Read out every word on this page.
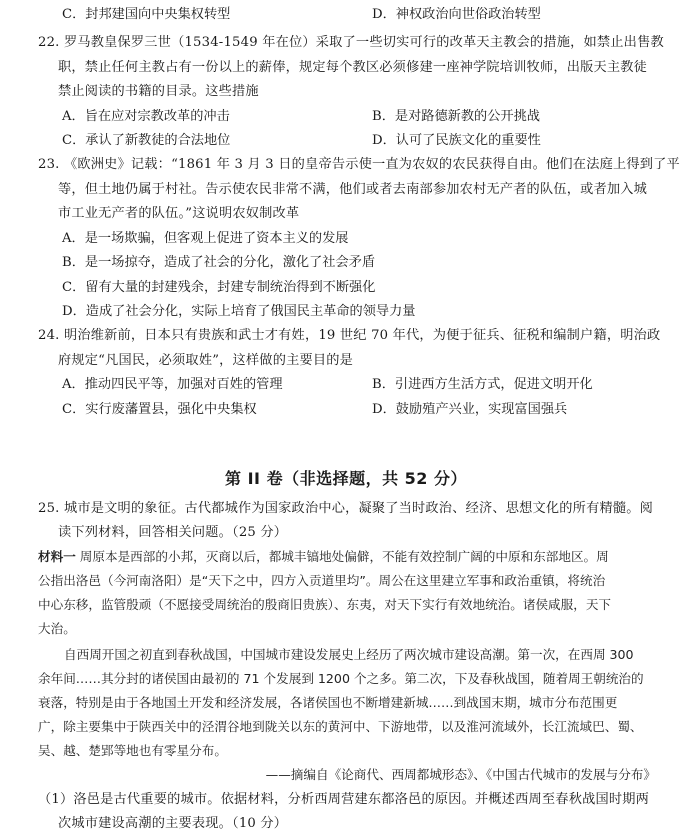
C．封邦建国向中央集权转型	D．神权政治向世俗政治转型
22. 罗马教皇保罗三世（1534-1549 年在位）采取了一些切实可行的改革天主教会的措施，如禁止出售教
职，禁止任何主教占有一份以上的薪俸，规定每个教区必须修建一座神学院培训牧师，出版天主教徒
禁止阅读的书籍的目录。这些措施
A．旨在应对宗教改革的冲击	B．是对路德新教的公开挑战
C．承认了新教徒的合法地位	D．认可了民族文化的重要性
23. 《欧洲史》记载：“1861 年 3 月 3 日的皇帝告示使一直为农奴的农民获得自由。他们在法庭上得到了平
等，但土地仍属于村社。告示使农民非常不满，他们或者去南部参加农村无产者的队伍，或者加入城
市工业无产者的队伍。”这说明农奴制改革
A．是一场欺骗，但客观上促进了资本主义的发展
B．是一场掠夺，造成了社会的分化，激化了社会矛盾
C．留有大量的封建残余，封建专制统治得到不断强化
D．造成了社会分化，实际上培育了俄国民主革命的领导力量
24. 明治维新前，日本只有贵族和武士才有姓，19 世纪 70 年代，为便于征兵、征税和编制户籍，明治政
府规定“凡国民，必须取姓”，这样做的主要目的是
A．推动四民平等，加强对百姓的管理	B．引进西方生活方式，促进文明开化
C．实行废藩置县，强化中央集权	D．鼓励殖产兴业，实现富国强兵
第 II 卷（非选择题，共 52 分）
25. 城市是文明的象征。古代都城作为国家政治中心，凝聚了当时政治、经济、思想文化的所有精髓。阅
读下列材料，回答相关问题。（25 分）
材料一 周原本是西部的小邦，灭商以后，都城丰镐地处偏僻，不能有效控制广阔的中原和东部地区。周
公指出洛邑（今河南洛阳）是“天下之中，四方入贡道里均”。周公在这里建立军事和政治重镇，将统治
中心东移，监管殷顽（不愿接受周统治的殷商旧贵族）、东夷，对天下实行有效地统治。诸侯咸服，天下
大治。
自西周开国之初直到春秋战国，中国城市建设发展史上经历了两次城市建设高潮。第一次，在西周 300
余年间……其分封的诸侯国由最初的 71 个发展到 1200 个之多。第二次，下及春秋战国，随着周王朝统治的
衰落，特别是由于各地国土开发和经济发展，各诸侯国也不断增建新城……到战国末期，城市分布范围更
广，除主要集中于陕西关中的泾渭谷地到陇关以东的黄河中、下游地带，以及淮河流域外，长江流域巴、蜀、
吴、越、楚郢等地也有零星分布。
——摘编自《论商代、西周都城形态》、《中国古代城市的发展与分布》
（1）洛邑是古代重要的城市。依据材料，分析西周营建东都洛邑的原因。并概述西周至春秋战国时期两
次城市建设高潮的主要表现。（10 分）
